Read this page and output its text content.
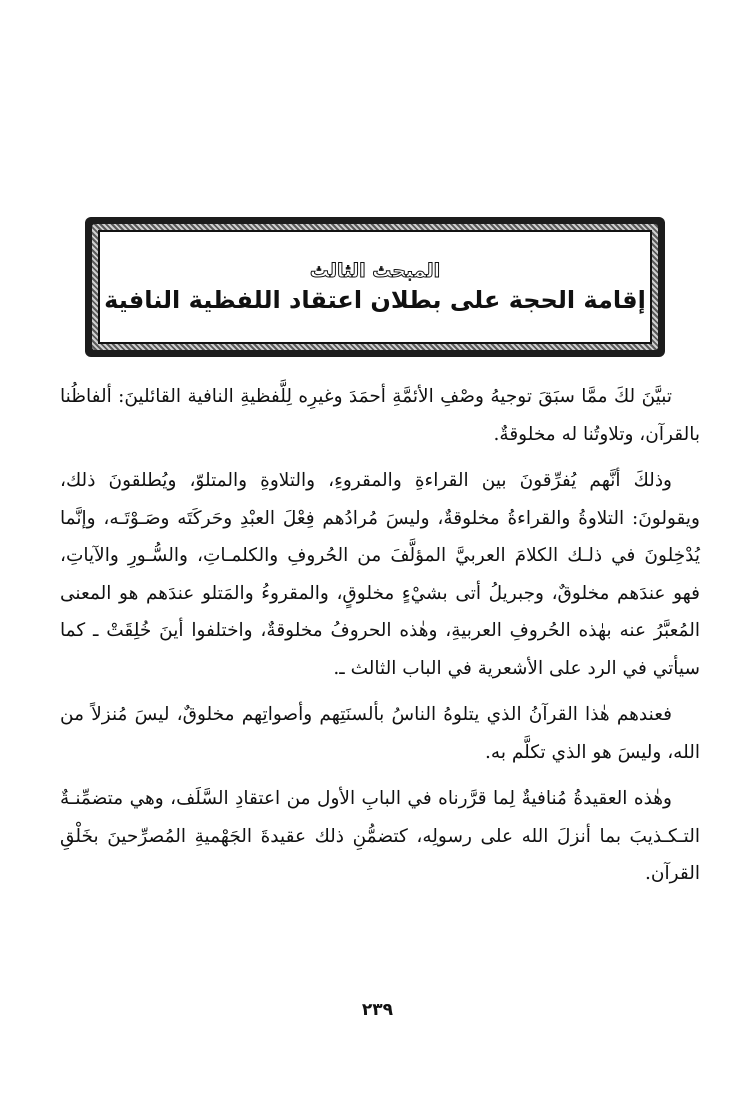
المبحث الثالث
إقامة الحجة على بطلان اعتقاد اللفظية النافية

تبيَّنَ لكَ ممَّا سبَقَ توجيهُ وصْفِ الأئمَّةِ أحمَدَ وغيرِه لِلَّفظيةِ النافية القائلينَ: ألفاظُنا بالقرآن، وتلاوتُنا له مخلوقةٌ.

وذلكَ أنَّهم يُفرِّقونَ بين القراءةِ والمقروءِ، والتلاوةِ والمتلوّ، ويُطلقونَ ذلك، ويقولونَ: التلاوةُ والقراءةُ مخلوقةٌ، وليسَ مُرادُهم فِعْلَ العبْدِ وحَركَتَه وصَـوْتَـه، وإنَّما يُدْخِلونَ في ذلـك الكلامَ العربيَّ المؤلَّفَ من الحُروفِ والكلمـاتِ، والسُّـورِ والآياتِ، فهو عندَهم مخلوقٌ، وجبريلُ أتى بشيْءٍ مخلوقٍ، والمقروءُ والمَتلو عندَهم هو المعنى المُعبَّرُ عنه بهٰذه الحُروفِ العربيةِ، وهٰذه الحروفُ مخلوقةٌ، واختلفوا أينَ خُلِقَتْ ـ كما سيأتي في الرد على الأشعرية في الباب الثالث ـ.

فعندهم هٰذا القرآنُ الذي يتلوهُ الناسُ بألسنَتِهم وأصواتِهم مخلوقٌ، ليسَ مُنزلاً من الله، وليسَ هو الذي تكلَّم به.

وهٰذه العقيدةُ مُنافيةٌ لِما قرَّرناه في البابِ الأول من اعتقادِ السَّلَف، وهي متضمِّنـةٌ التـكـذيبَ بما أنزلَ الله على رسولِه، كتضمُّنِ ذلك عقيدةَ الجَهْميةِ المُصرِّحينَ بخَلْقِ القرآن.

٢٣٩
